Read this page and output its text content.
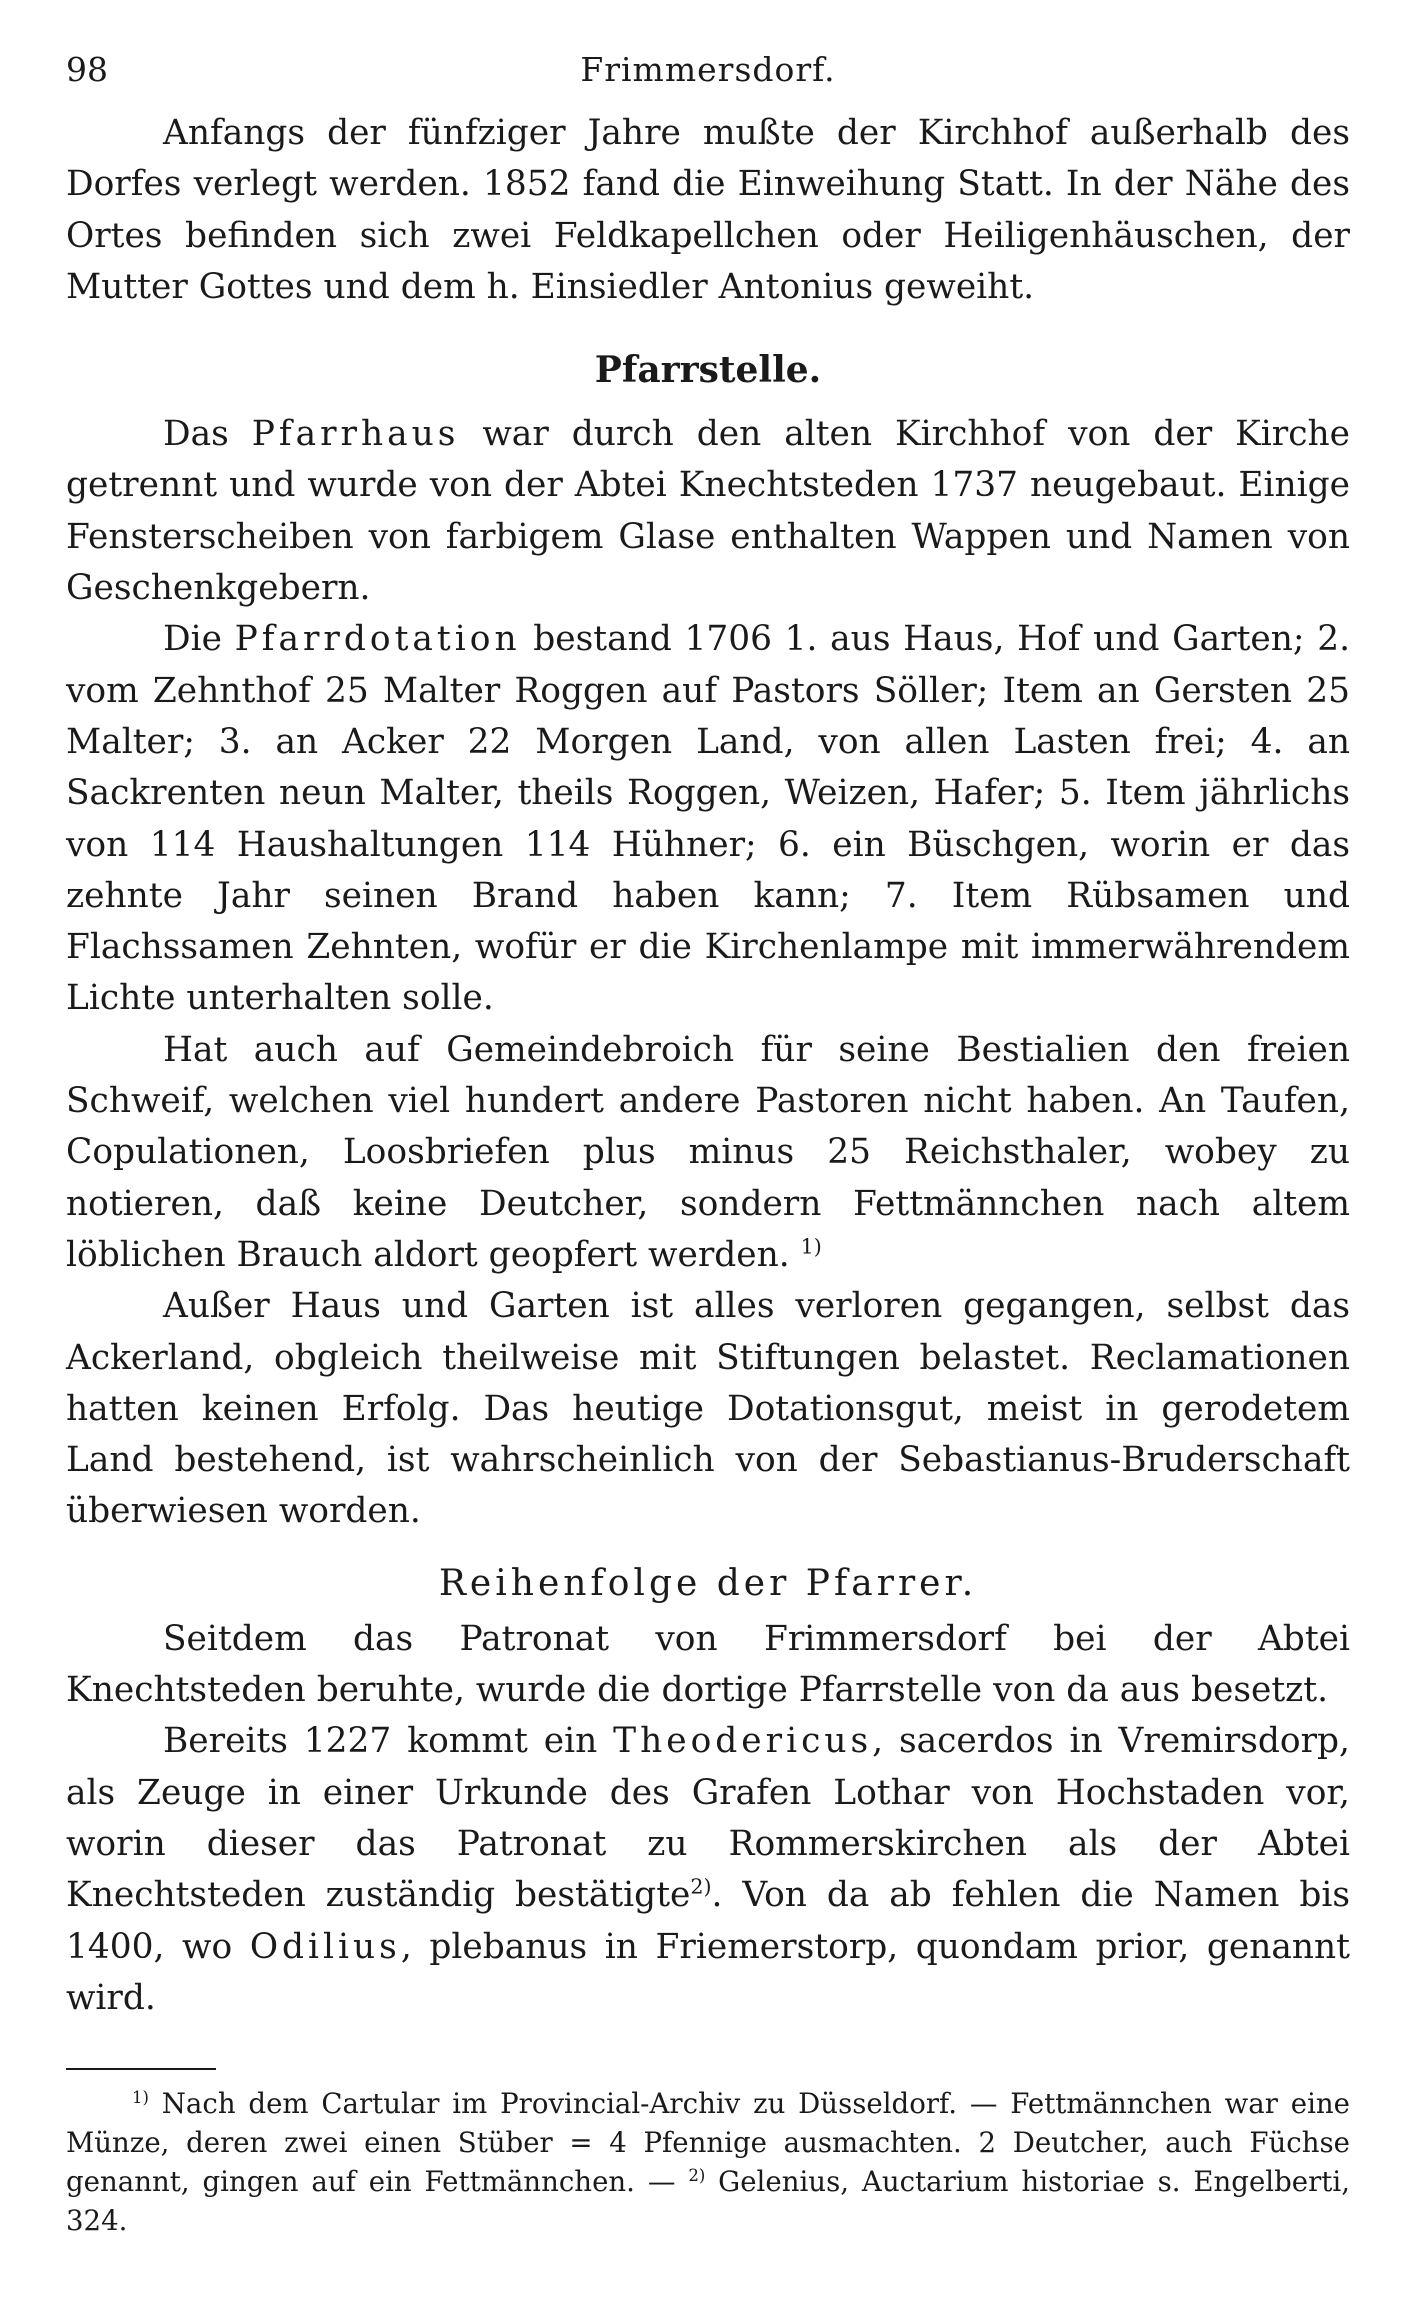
98	Frimmersdorf.

Anfangs der fünfziger Jahre mußte der Kirchhof außerhalb des Dorfes verlegt werden. 1852 fand die Einweihung Statt. In der Nähe des Ortes befinden sich zwei Feldkapellchen oder Heiligenhäuschen, der Mutter Gottes und dem h. Einsiedler Antonius geweiht.

Pfarrstelle.

Das Pfarrhaus war durch den alten Kirchhof von der Kirche getrennt und wurde von der Abtei Knechtsteden 1737 neugebaut. Einige Fensterscheiben von farbigem Glase enthalten Wappen und Namen von Geschenkgebern.

Die Pfarrdotation bestand 1706 1. aus Haus, Hof und Garten; 2. vom Zehnthof 25 Malter Roggen auf Pastors Söller; Item an Gersten 25 Malter; 3. an Acker 22 Morgen Land, von allen Lasten frei; 4. an Sackrenten neun Malter, theils Roggen, Weizen, Hafer; 5. Item jährlichs von 114 Haushaltungen 114 Hühner; 6. ein Büschgen, worin er das zehnte Jahr seinen Brand haben kann; 7. Item Rübsamen und Flachssamen Zehnten, wofür er die Kirchenlampe mit immerwährendem Lichte unterhalten solle.

Hat auch auf Gemeindebroich für seine Bestialien den freien Schweif, welchen viel hundert andere Pastoren nicht haben. An Taufen, Copulationen, Loosbriefen plus minus 25 Reichsthaler, wobey zu notieren, daß keine Deutcher, sondern Fettmännchen nach altem löblichen Brauch aldort geopfert werden. $^{1)}$

Außer Haus und Garten ist alles verloren gegangen, selbst das Ackerland, obgleich theilweise mit Stiftungen belastet. Reclamationen hatten keinen Erfolg. Das heutige Dotationsgut, meist in gerodetem Land bestehend, ist wahrscheinlich von der Sebastianus-Bruderschaft überwiesen worden.

Reihenfolge der Pfarrer.

Seitdem das Patronat von Frimmersdorf bei der Abtei Knechtsteden beruhte, wurde die dortige Pfarrstelle von da aus besetzt.

Bereits 1227 kommt ein Theodericus, sacerdos in Vremirsdorp, als Zeuge in einer Urkunde des Grafen Lothar von Hochstaden vor, worin dieser das Patronat zu Rommerskirchen als der Abtei Knechtsteden zuständig bestätigte$^{2)}$. Von da ab fehlen die Namen bis 1400, wo Odilius, plebanus in Friemerstorp, quondam prior, genannt wird.

$^{1)}$ Nach dem Cartular im Provincial-Archiv zu Düsseldorf. — Fettmännchen war eine Münze, deren zwei einen Stüber = 4 Pfennige ausmachten. 2 Deutcher, auch Füchse genannt, gingen auf ein Fettmännchen. — $^{2)}$ Gelenius, Auctarium historiae s. Engelberti, 324.
